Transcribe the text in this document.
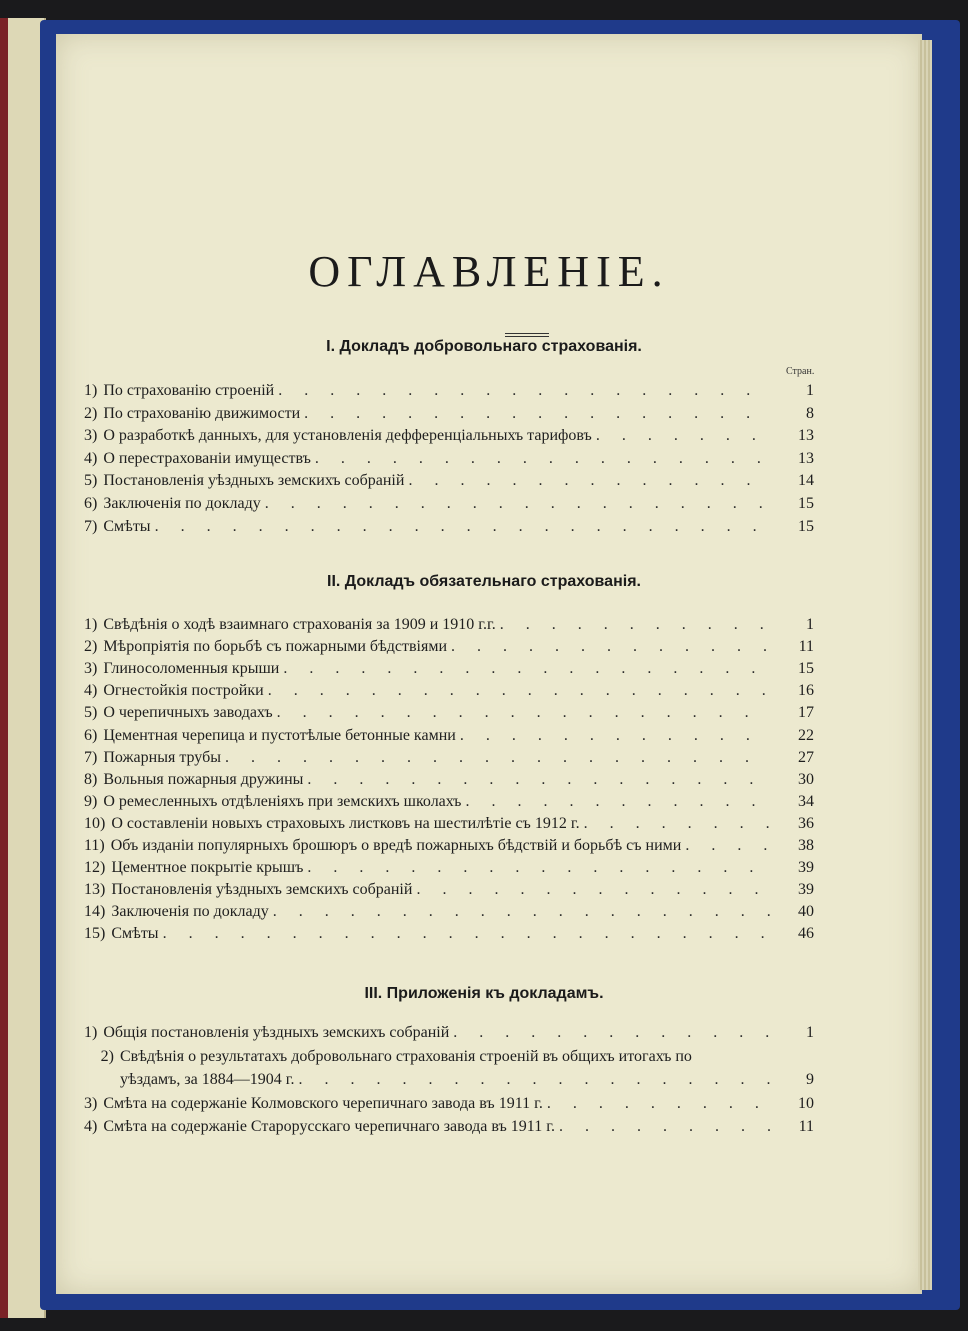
ОГЛАВЛЕНІЕ.
I. Докладъ добровольнаго страхованія.
Стран.
1) По страхованію строеній . . .	1
2) По страхованію движимости . . .	8
3) О разработкѣ данныхъ, для установленія дефференціальныхъ тарифовъ . . .	13
4) О перестрахованіи имуществъ . . .	13
5) Постановленія уѣздныхъ земскихъ собраній . . .	14
6) Заключенія по докладу . . .	15
7) Смѣты . . .	15
II. Докладъ обязательнаго страхованія.
1) Свѣдѣнія о ходѣ взаимнаго страхованія за 1909 и 1910 г.г. . . .	1
2) Мѣропріятія по борьбѣ съ пожарными бѣдствіями . . .	11
3) Глиносоломенныя крыши . . .	15
4) Огнестойкія постройки . . .	16
5) О черепичныхъ заводахъ . . .	17
6) Цементная черепица и пустотѣлые бетонные камни . . .	22
7) Пожарныя трубы . . .	27
8) Вольныя пожарныя дружины . . .	30
9) О ремесленныхъ отдѣленіяхъ при земскихъ школахъ . . .	34
10) О составленіи новыхъ страховыхъ листковъ на шестилѣтіе съ 1912 г. . . .	36
11) Объ изданіи популярныхъ брошюръ о вредѣ пожарныхъ бѣдствій и борьбѣ съ ними . . .	38
12) Цементное покрытіе крышъ . . .	39
13) Постановленія уѣздныхъ земскихъ собраній . . .	39
14) Заключенія по докладу . . .	40
15) Смѣты . . .	46
III. Приложенія къ докладамъ.
1) Общія постановленія уѣздныхъ земскихъ собраній . . .	1
2) Свѣдѣнія о результатахъ добровольнаго страхованія строеній въ общихъ итогахъ по
уѣздамъ, за 1884—1904 г. . . .	9
3) Смѣта на содержаніе Колмовского черепичнаго завода въ 1911 г. . . .	10
4) Смѣта на содержаніе Старорусскаго черепичнаго завода въ 1911 г. . . .	11
